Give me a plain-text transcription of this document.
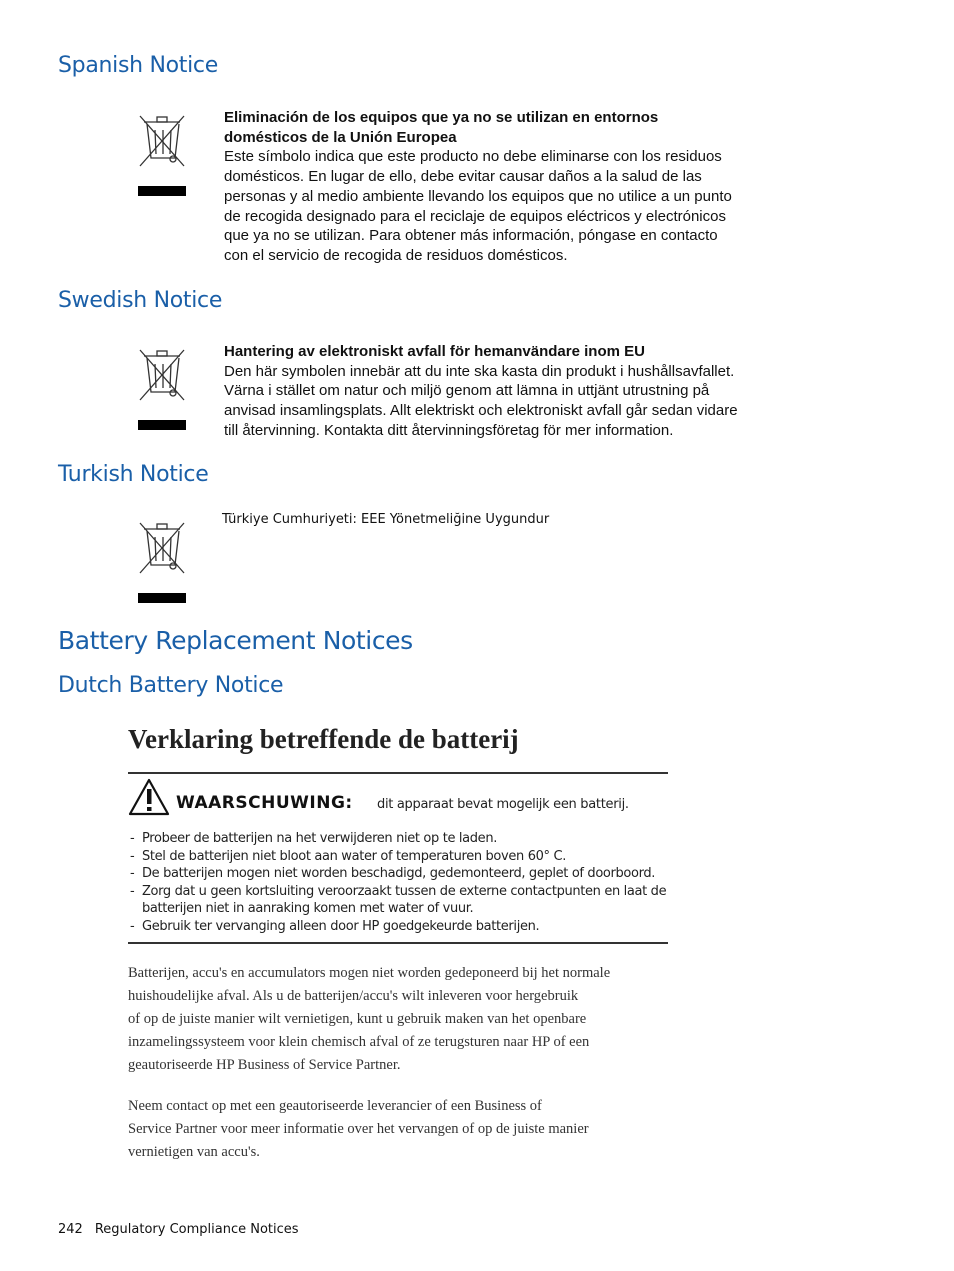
Spanish Notice
Eliminación de los equipos que ya no se utilizan en entornos
domésticos de la Unión Europea
Este símbolo indica que este producto no debe eliminarse con los residuos
domésticos. En lugar de ello, debe evitar causar daños a la salud de las
personas y al medio ambiente llevando los equipos que no utilice a un punto
de recogida designado para el reciclaje de equipos eléctricos y electrónicos
que ya no se utilizan. Para obtener más información, póngase en contacto
con el servicio de recogida de residuos domésticos.
Swedish Notice
Hantering av elektroniskt avfall för hemanvändare inom EU
Den här symbolen innebär att du inte ska kasta din produkt i hushållsavfallet.
Värna i stället om natur och miljö genom att lämna in uttjänt utrustning på
anvisad insamlingsplats. Allt elektriskt och elektroniskt avfall går sedan vidare
till återvinning. Kontakta ditt återvinningsföretag för mer information.
Turkish Notice
Türkiye Cumhuriyeti: EEE Yönetmeliğine Uygundur
Battery Replacement Notices
Dutch Battery Notice
Verklaring betreffende de batterij
WAARSCHUWING: dit apparaat bevat mogelijk een batterij.
- Probeer de batterijen na het verwijderen niet op te laden.
- Stel de batterijen niet bloot aan water of temperaturen boven 60° C.
- De batterijen mogen niet worden beschadigd, gedemonteerd, geplet of doorboord.
- Zorg dat u geen kortsluiting veroorzaakt tussen de externe contactpunten en laat de batterijen niet in aanraking komen met water of vuur.
- Gebruik ter vervanging alleen door HP goedgekeurde batterijen.

Batterijen, accu's en accumulators mogen niet worden gedeponeerd bij het normale
huishoudelijke afval. Als u de batterijen/accu's wilt inleveren voor hergebruik
of op de juiste manier wilt vernietigen, kunt u gebruik maken van het openbare
inzamelingssysteem voor klein chemisch afval of ze terugsturen naar HP of een
geautoriseerde HP Business of Service Partner.

Neem contact op met een geautoriseerde leverancier of een Business of
Service Partner voor meer informatie over het vervangen of op de juiste manier
vernietigen van accu's.

242 Regulatory Compliance Notices
